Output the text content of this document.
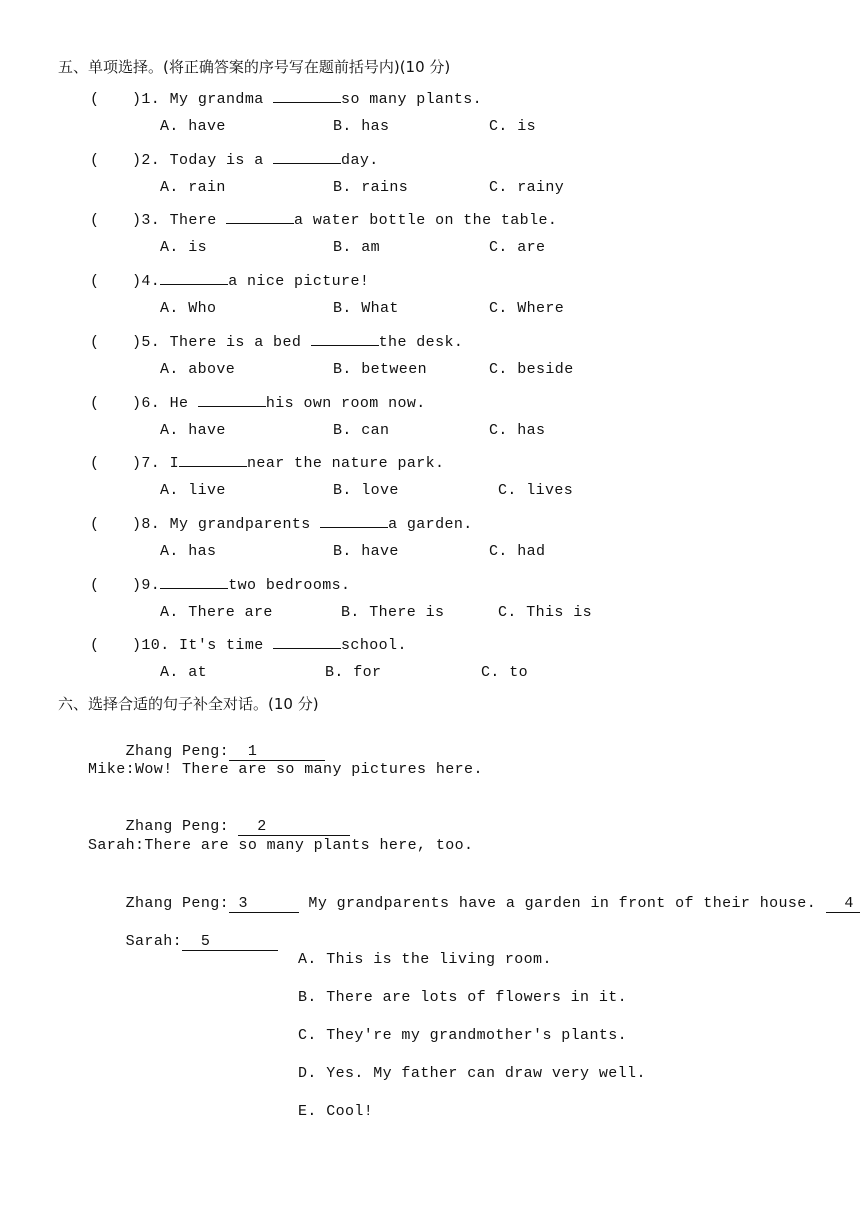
五、单项选择。(将正确答案的序号写在题前括号内)(10 分)
( )1. My grandma	so many plants.
A. have	B. has	C. is
( )2. Today is a	day.
A. rain	B. rains	C. rainy
( )3. There	a water bottle on the table.
A. is	B. am	C. are
( )4.	a nice picture!
A. Who	B. What	C. Where
( )5. There is a bed	the desk.
A. above	B. between	C. beside
( )6. He	his own room now.
A. have	B. can	C. has
( )7. I	near the nature park.
A. live	B. love	C. lives
( )8. My grandparents	a garden.
A. has	B. have	C. had
( )9.	two bedrooms.
A. There are	B. There is	C. This is
( )10. It's time	school.
A. at	B. for	C. to
六、选择合适的句子补全对话。(10 分)

Zhang Peng: 1

Mike:Wow! There are so many pictures here.

Zhang Peng:   2

Sarah:There are so many plants here, too.

Zhang Peng: 3	My grandparents have a garden in front of their house.   4

Sarah: 5

A. This is the living room.
B. There are lots of flowers in it.
C. They're my grandmother's plants.
D. Yes. My father can draw very well.
E. Cool!
